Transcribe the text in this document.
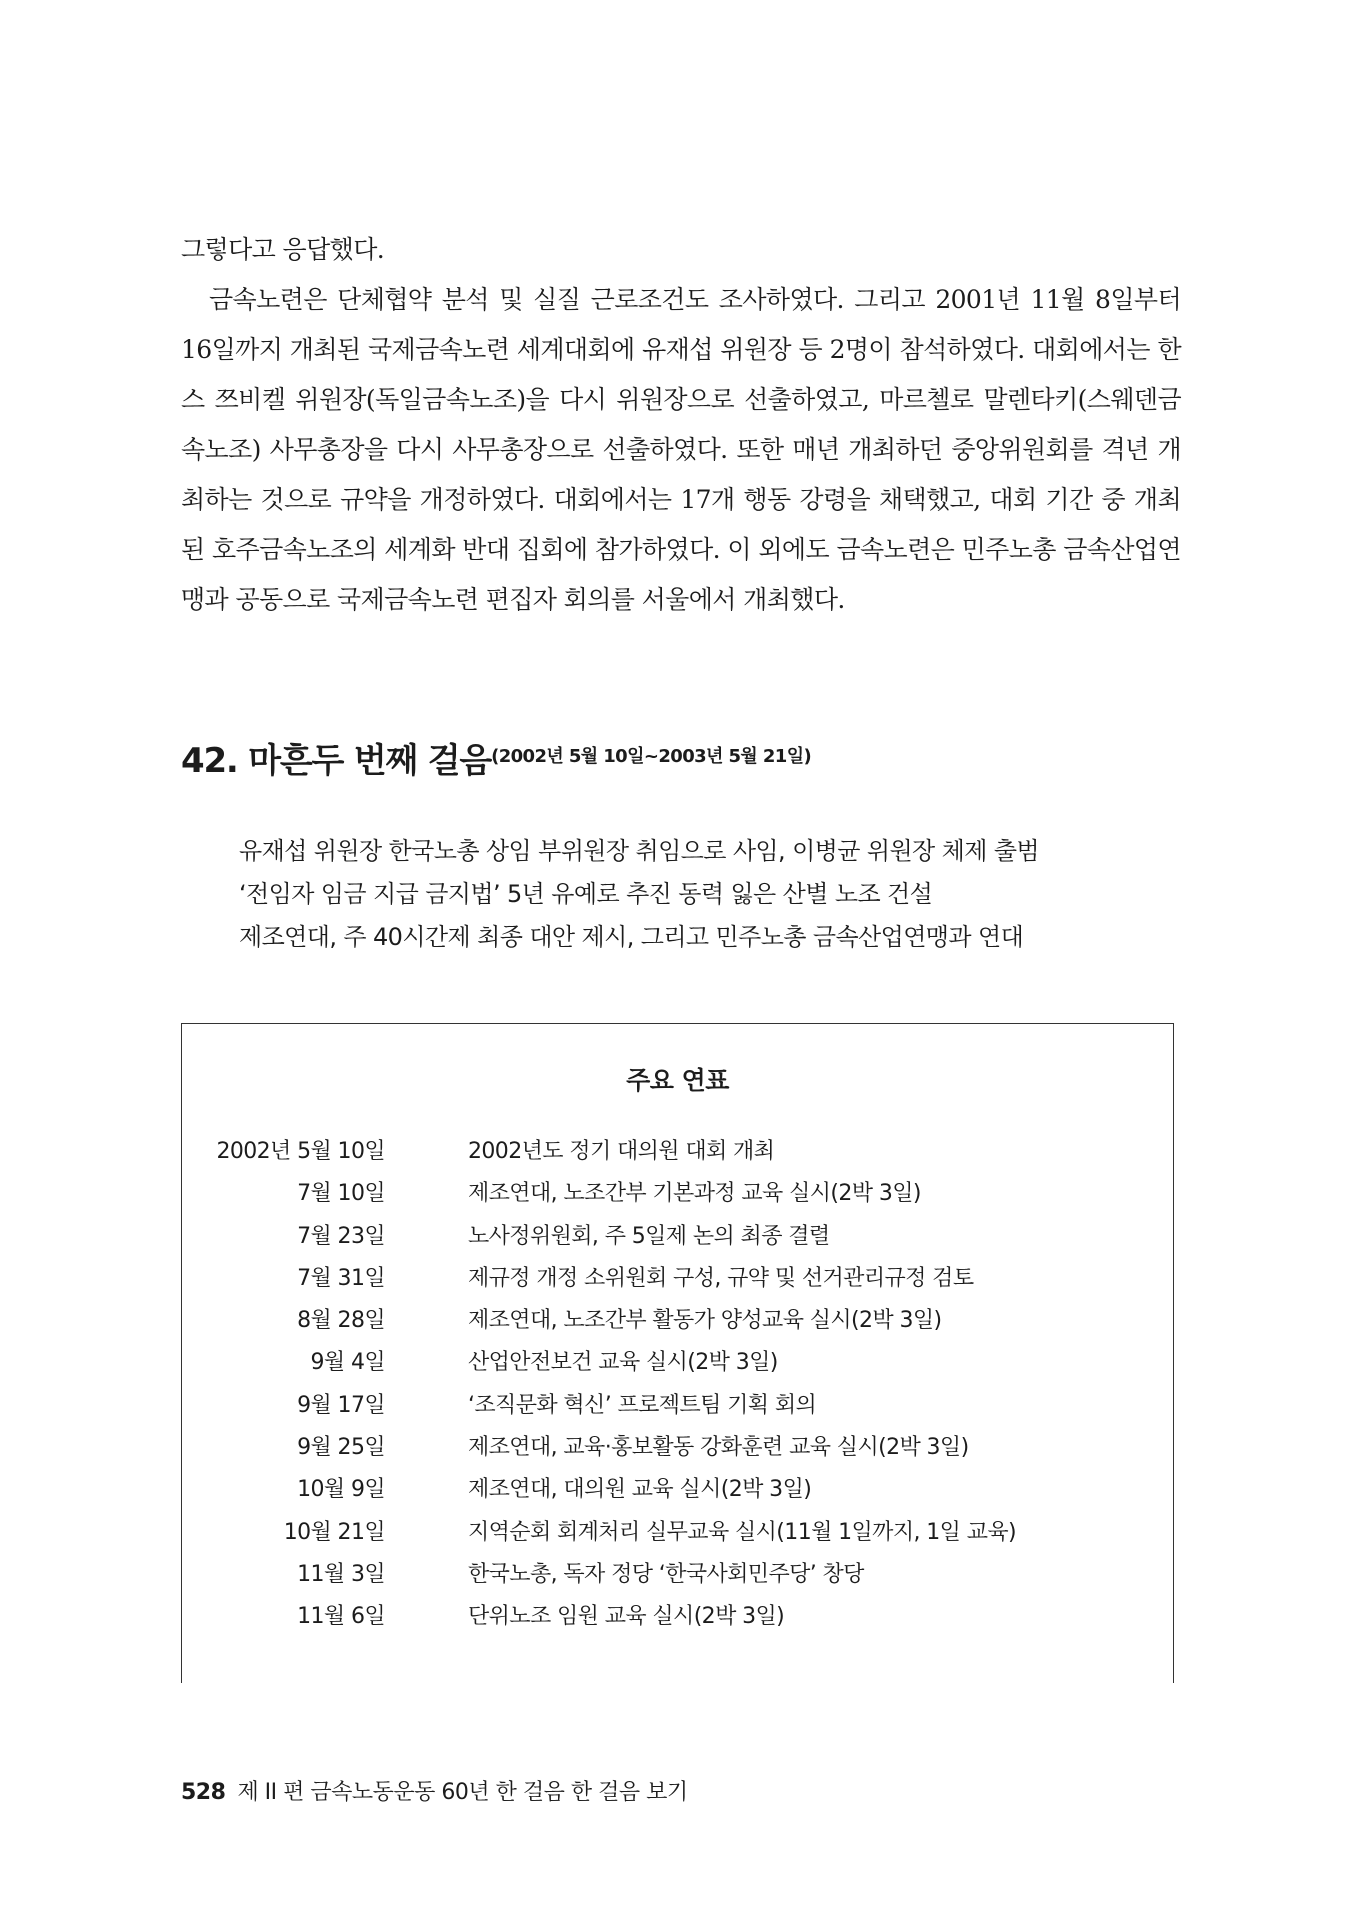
그렇다고 응답했다.

금속노련은 단체협약 분석 및 실질 근로조건도 조사하였다. 그리고 2001년 11월 8일부터 16일까지 개최된 국제금속노련 세계대회에 유재섭 위원장 등 2명이 참석하였다. 대회에서는 한스 쯔비켈 위원장(독일금속노조)을 다시 위원장으로 선출하였고, 마르첼로 말렌타키(스웨덴금속노조) 사무총장을 다시 사무총장으로 선출하였다. 또한 매년 개최하던 중앙위원회를 격년 개최하는 것으로 규약을 개정하였다. 대회에서는 17개 행동 강령을 채택했고, 대회 기간 중 개최된 호주금속노조의 세계화 반대 집회에 참가하였다. 이 외에도 금속노련은 민주노총 금속산업연맹과 공동으로 국제금속노련 편집자 회의를 서울에서 개최했다.

42. 마흔두 번째 걸음$^{(2002년 5월 10일\sim 2003년 5월 21일)}$
유재섭 위원장 한국노총 상임 부위원장 취임으로 사임, 이병균 위원장 체제 출범
‘전임자 임금 지급 금지법’ 5년 유예로 추진 동력 잃은 산별 노조 건설
제조연대, 주 40시간제 최종 대안 제시, 그리고 민주노총 금속산업연맹과 연대
주요 연표
2002년 5월 10일	2002년도 정기 대의원 대회 개최
7월 10일	제조연대, 노조간부 기본과정 교육 실시(2박 3일)
7월 23일	노사정위원회, 주 5일제 논의 최종 결렬
7월 31일	제규정 개정 소위원회 구성, 규약 및 선거관리규정 검토
8월 28일	제조연대, 노조간부 활동가 양성교육 실시(2박 3일)
9월 4일	산업안전보건 교육 실시(2박 3일)
9월 17일	‘조직문화 혁신’ 프로젝트팀 기획 회의
9월 25일	제조연대, 교육·홍보활동 강화훈련 교육 실시(2박 3일)
10월 9일	제조연대, 대의원 교육 실시(2박 3일)
10월 21일	지역순회 회계처리 실무교육 실시(11월 1일까지, 1일 교육)
11월 3일	한국노총, 독자 정당 ‘한국사회민주당’ 창당
11월 6일	단위노조 임원 교육 실시(2박 3일)
528 제 II 편 금속노동운동 60년 한 걸음 한 걸음 보기
